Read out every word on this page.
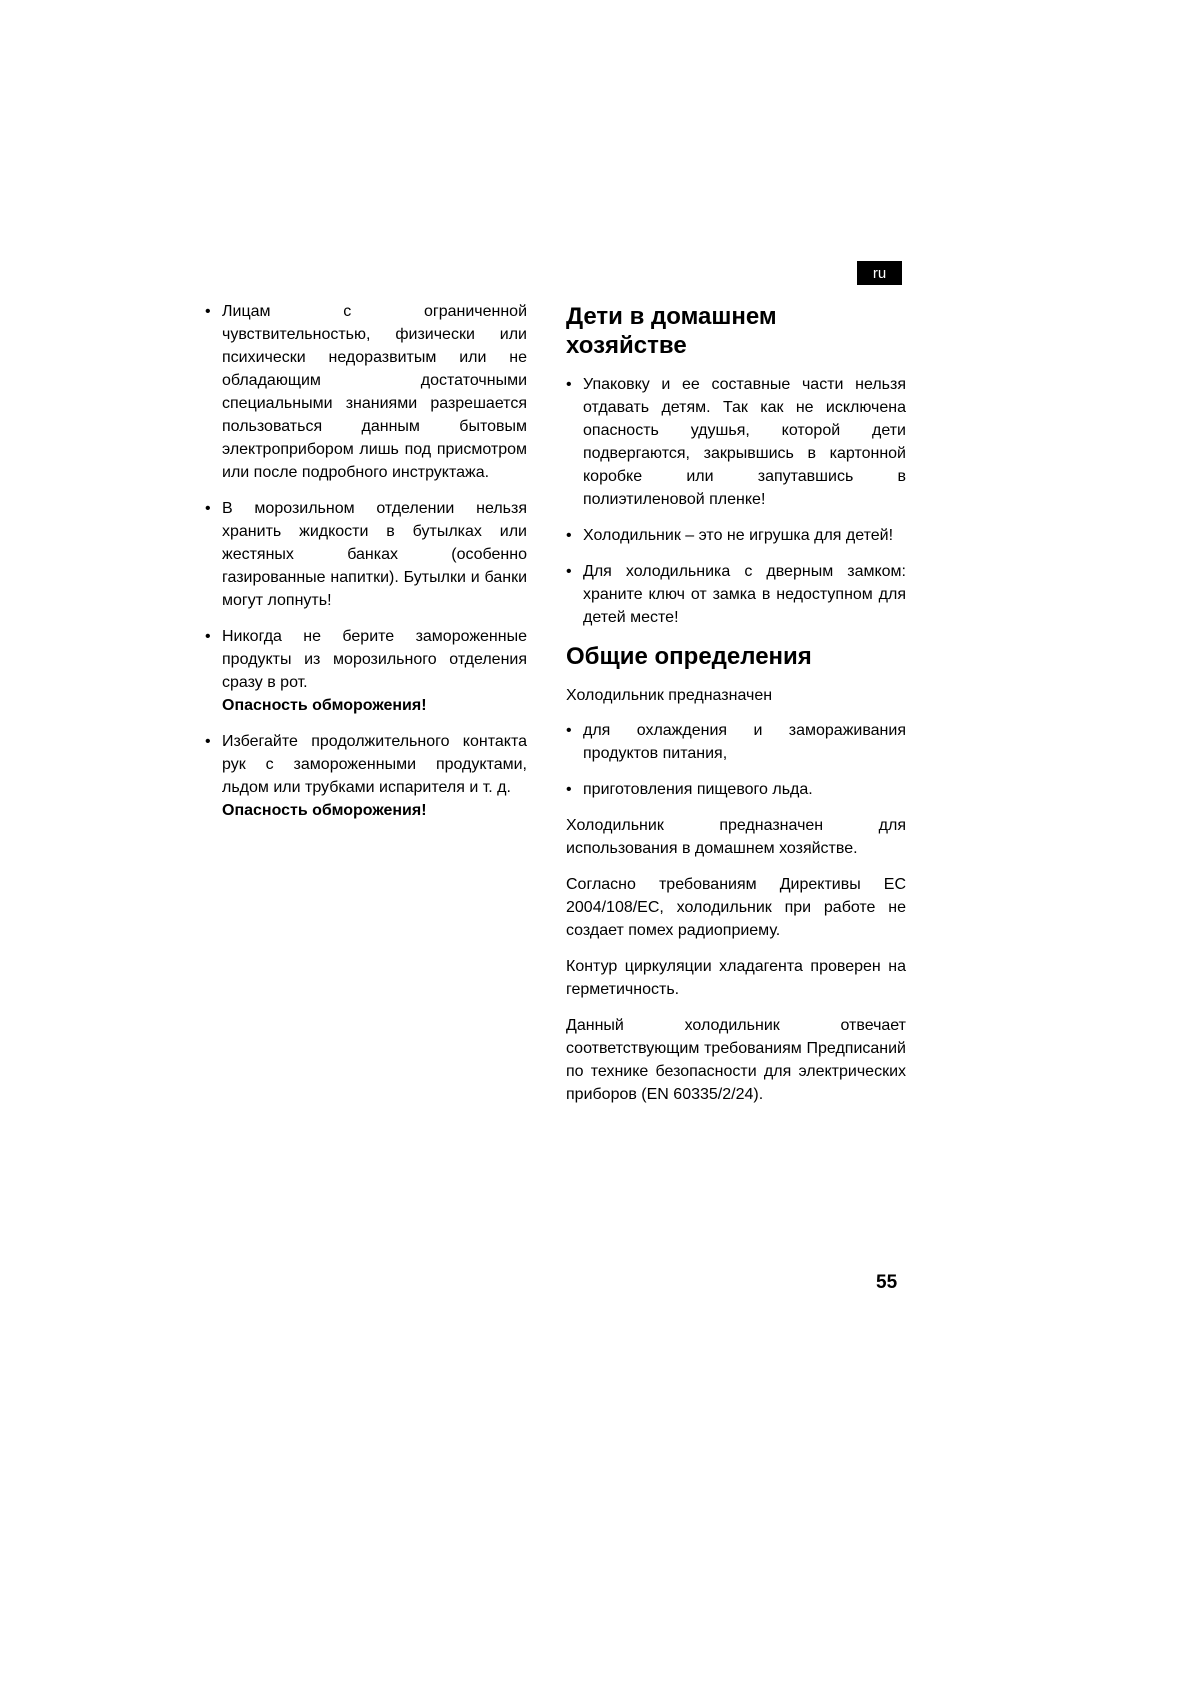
ru
• Лицам с ограниченной чувствительностью, физически или психически недоразвитым или не обладающим достаточными специальными знаниями разрешается пользоваться данным бытовым электроприбором лишь под присмотром или после подробного инструктажа.
• В морозильном отделении нельзя хранить жидкости в бутылках или жестяных банках (особенно газированные напитки). Бутылки и банки могут лопнуть!
• Никогда не берите замороженные продукты из морозильного отделения сразу в рот.
Опасность обморожения!
• Избегайте продолжительного контакта рук с замороженными продуктами, льдом или трубками испарителя и т. д.
Опасность обморожения!
Дети в домашнем хозяйстве
• Упаковку и ее составные части нельзя отдавать детям. Так как не исключена опасность удушья, которой дети подвергаются, закрывшись в картонной коробке или запутавшись в полиэтиленовой пленке!
• Холодильник – это не игрушка для детей!
• Для холодильника с дверным замком: храните ключ от замка в недоступном для детей месте!
Общие определения

Холодильник предназначен

• для охлаждения и замораживания продуктов питания,
• приготовления пищевого льда.

Холодильник предназначен для использования в домашнем хозяйстве.

Согласно требованиям Директивы ЕС 2004/108/EC, холодильник при работе не создает помех радиоприему.

Контур циркуляции хладагента проверен на герметичность.

Данный холодильник отвечает соответствующим требованиям Предписаний по технике безопасности для электрических приборов (EN 60335/2/24).

55
